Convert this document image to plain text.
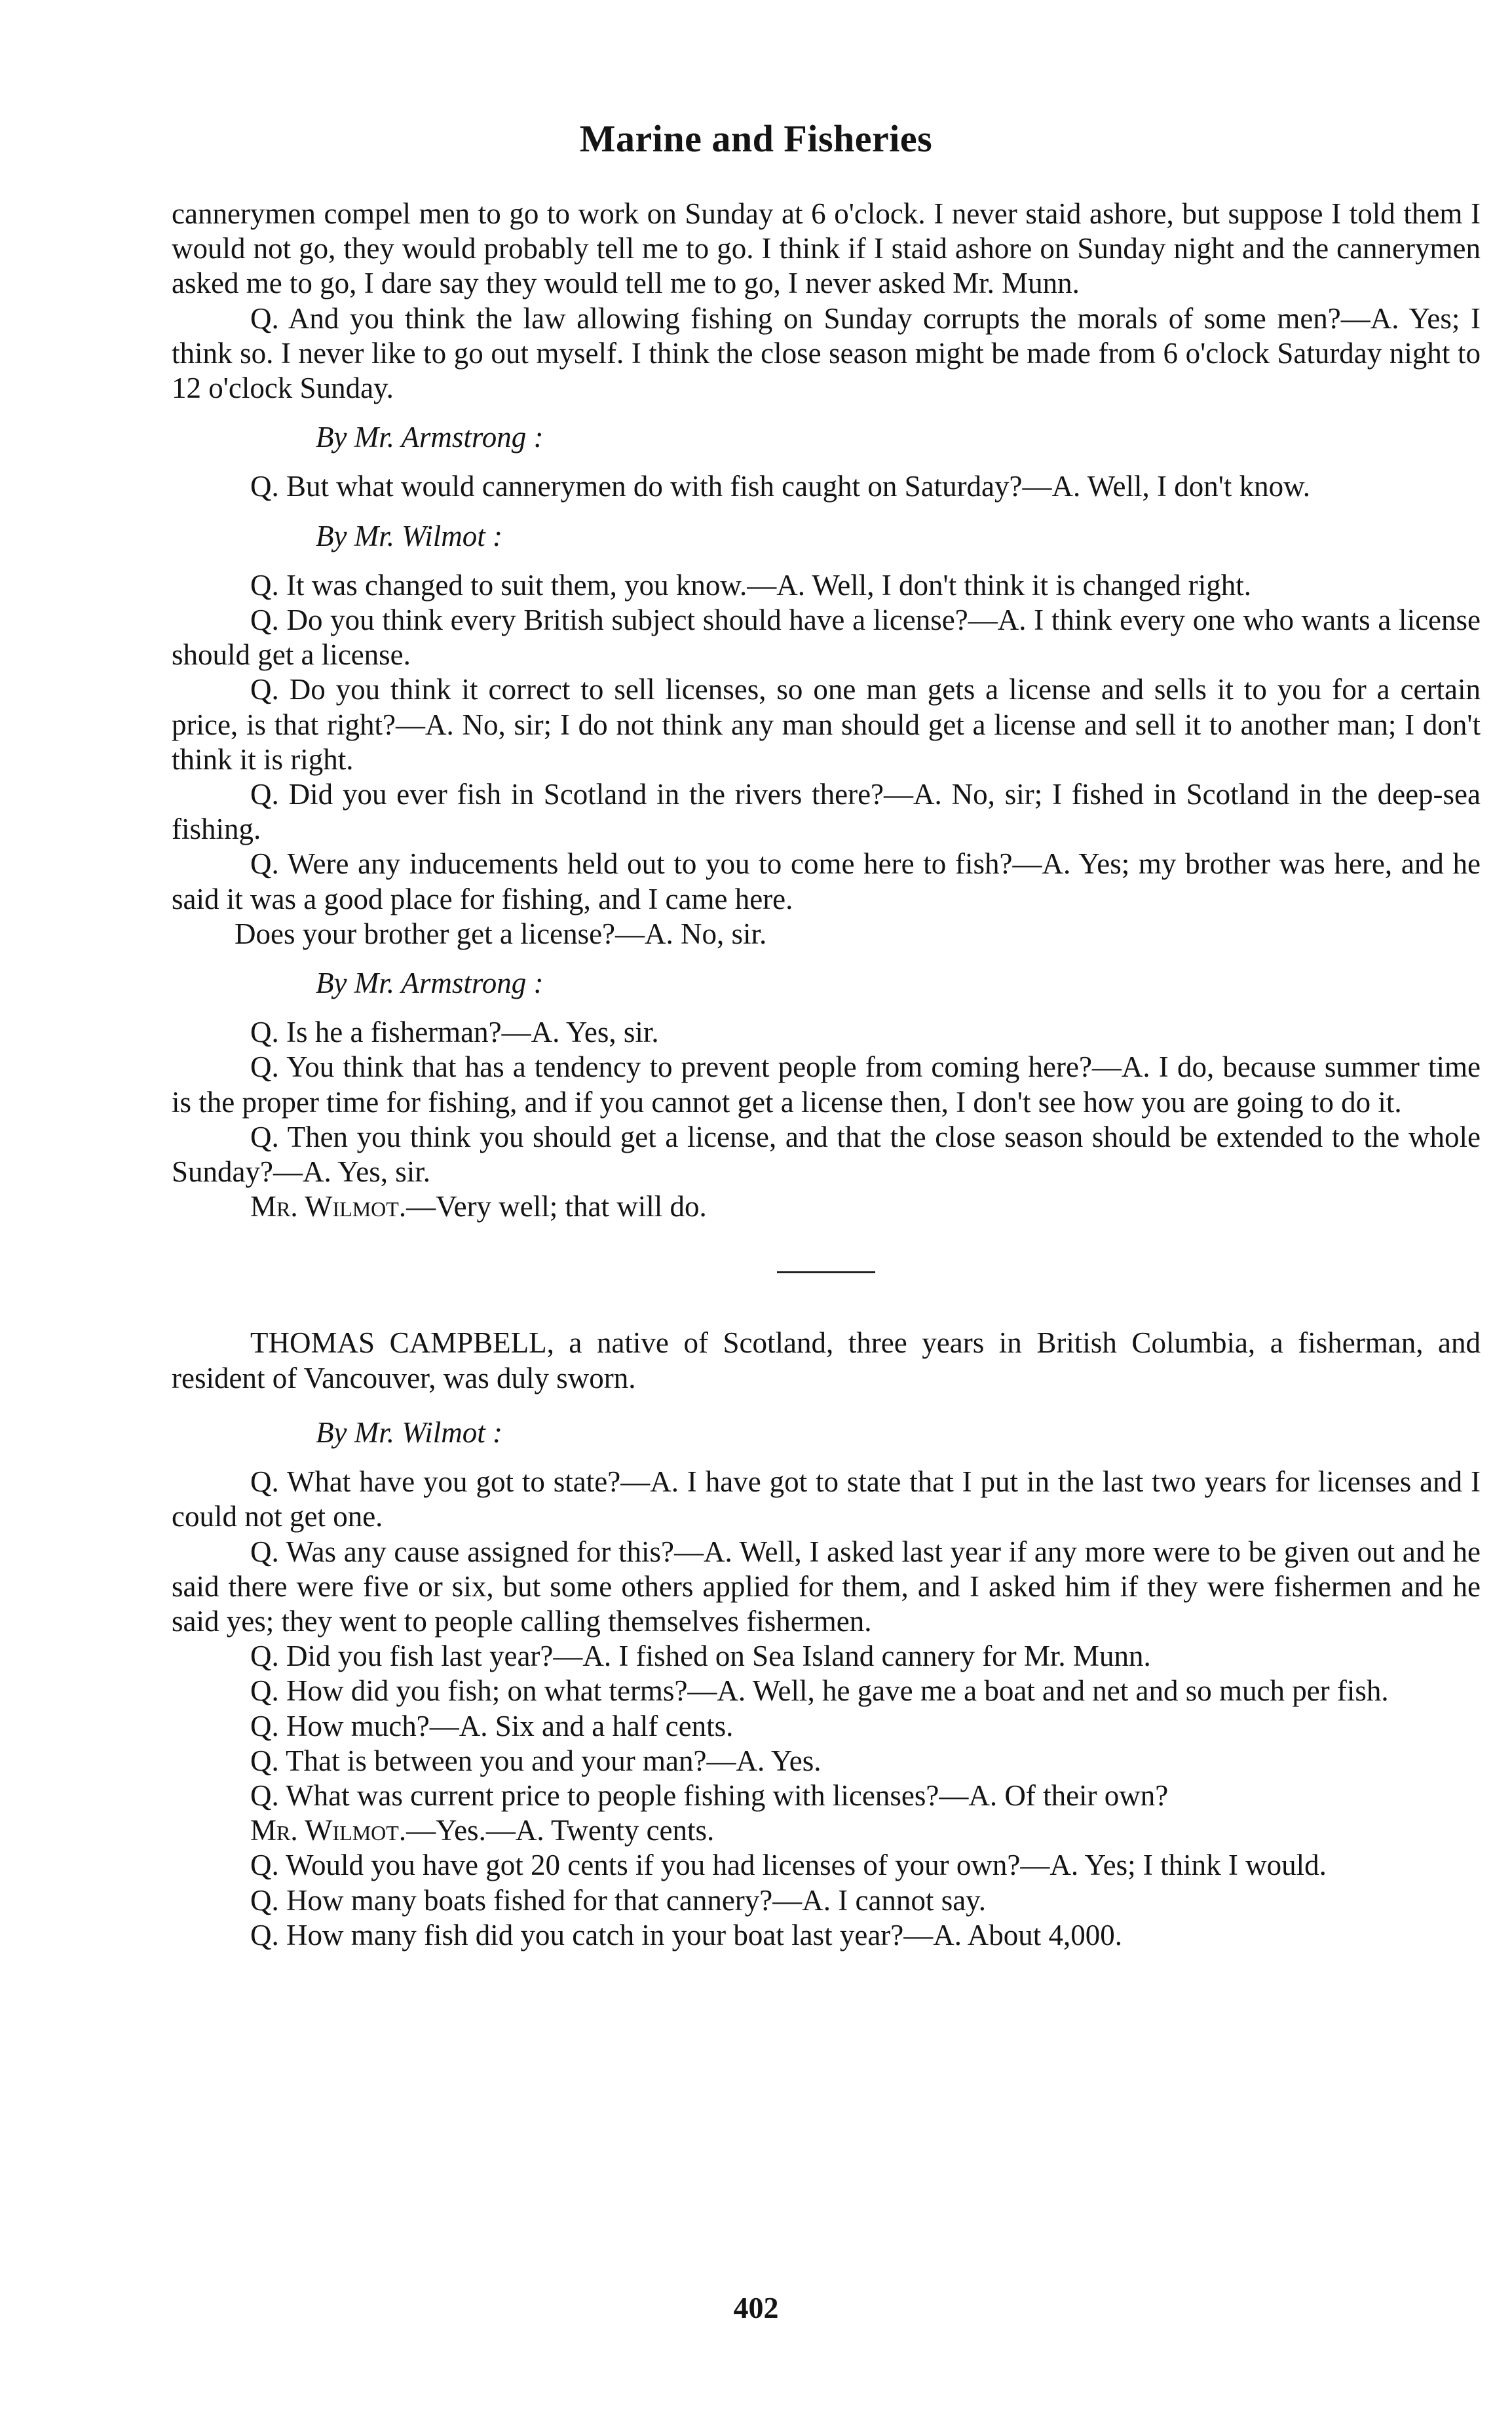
Marine and Fisheries

cannerymen compel men to go to work on Sunday at 6 o'clock. I never staid ashore, but suppose I told them I would not go, they would probably tell me to go. I think if I staid ashore on Sunday night and the cannerymen asked me to go, I dare say they would tell me to go, I never asked Mr. Munn.

Q. And you think the law allowing fishing on Sunday corrupts the morals of some men?—A. Yes; I think so. I never like to go out myself. I think the close season might be made from 6 o'clock Saturday night to 12 o'clock Sunday.

By Mr. Armstrong :

Q. But what would cannerymen do with fish caught on Saturday?—A. Well, I don't know.

By Mr. Wilmot :

Q. It was changed to suit them, you know.—A. Well, I don't think it is changed right.

Q. Do you think every British subject should have a license?—A. I think every one who wants a license should get a license.

Q. Do you think it correct to sell licenses, so one man gets a license and sells it to you for a certain price, is that right?—A. No, sir; I do not think any man should get a license and sell it to another man; I don't think it is right.

Q. Did you ever fish in Scotland in the rivers there?—A. No, sir; I fished in Scotland in the deep-sea fishing.

Q. Were any inducements held out to you to come here to fish?—A. Yes; my brother was here, and he said it was a good place for fishing, and I came here.

Does your brother get a license?—A. No, sir.

By Mr. Armstrong :

Q. Is he a fisherman?—A. Yes, sir.

Q. You think that has a tendency to prevent people from coming here?—A. I do, because summer time is the proper time for fishing, and if you cannot get a license then, I don't see how you are going to do it.

Q. Then you think you should get a license, and that the close season should be extended to the whole Sunday?—A. Yes, sir.

Mr. Wilmot.—Very well; that will do.

THOMAS CAMPBELL, a native of Scotland, three years in British Columbia, a fisherman, and resident of Vancouver, was duly sworn.

By Mr. Wilmot :

Q. What have you got to state?—A. I have got to state that I put in the last two years for licenses and I could not get one.

Q. Was any cause assigned for this?—A. Well, I asked last year if any more were to be given out and he said there were five or six, but some others applied for them, and I asked him if they were fishermen and he said yes; they went to people calling themselves fishermen.

Q. Did you fish last year?—A. I fished on Sea Island cannery for Mr. Munn.

Q. How did you fish; on what terms?—A. Well, he gave me a boat and net and so much per fish.

Q. How much?—A. Six and a half cents.

Q. That is between you and your man?—A. Yes.

Q. What was current price to people fishing with licenses?—A. Of their own?

Mr. Wilmot.—Yes.—A. Twenty cents.

Q. Would you have got 20 cents if you had licenses of your own?—A. Yes; I think I would.

Q. How many boats fished for that cannery?—A. I cannot say.

Q. How many fish did you catch in your boat last year?—A. About 4,000.

402
